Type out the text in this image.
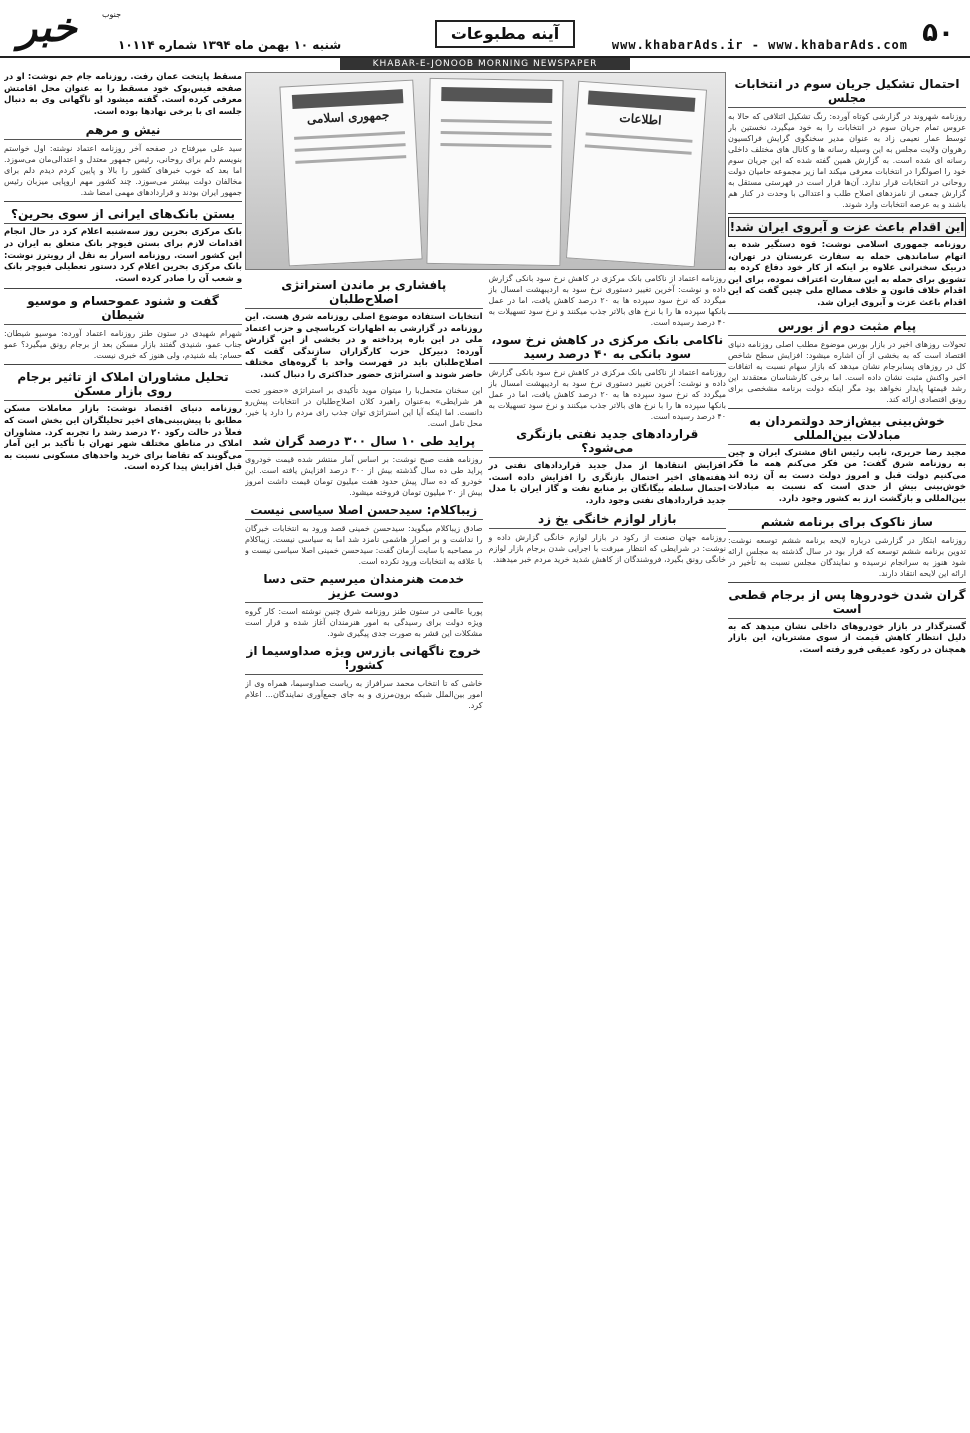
۵۰
www.khabarAds.ir - www.khabarAds.com
آینه مطبوعات
خبر	جنوب
شنبه ۱۰ بهمن ماه ۱۳۹۴ شماره ۱۰۱۱۴
KHABAR-E-JONOOB MORNING NEWSPAPER
احتمال تشکیل جریان سوم در انتخابات مجلس

روزنامه شهروند در گزارشی کوتاه آورده: رنگ تشکیل ائتلافی که حالا به عروس تمام جریان سوم در انتخابات را به خود میگیرد، نخستین بار توسط عمار نعیمی زاد به عنوان مدیر سخنگوی گرایش فراکسیون رهروان ولایت مجلس به این وسیله رسانه ها و کانال های مختلف داخلی رسانه ای شده است. به گزارش همین گفته شده که این جریان سوم خود را اصولگرا در انتخابات معرفی میکند اما زیر مجموعه حامیان دولت روحانی در انتخابات قرار ندارد. آن‌ها قرار است در فهرستی مستقل به گزارش جمعی از نامزدهای اصلاح طلب و اعتدالی با وحدت در کنار هم باشند و به عرصه انتخابات وارد شوند.

این اقدام باعث عزت و آبروی ایران شد!
روزنامه جمهوری اسلامی نوشت: قوه دستگیر شده به اتهام ساماندهی حمله به سفارت عربستان در تهران، دربیک سخنرانی علاوه بر اینکه از کار خود دفاع کرده به تشویق برای حمله به این سفارت اعتراف نموده، برای این اقدام خلاف قانون و خلاف مصالح ملی چنین گفت که این اقدام باعث عزت و آبروی ایران شد.
پیام مثبت دوم از بورس

تحولات روزهای اخیر در بازار بورس موضوع مطلب اصلی روزنامه دنیای اقتصاد است که به بخشی از آن اشاره میشود: افزایش سطح شاخص کل در روزهای پسابرجام نشان میدهد که بازار سهام نسبت به اتفاقات اخیر واکنش مثبت نشان داده است. اما برخی کارشناسان معتقدند این رشد قیمتها پایدار نخواهد بود مگر اینکه دولت برنامه مشخصی برای رونق اقتصادی ارائه کند.

خوش‌بینی بیش‌ازحد دولتمردان به مبادلات بین‌المللی
مجید رضا حریری، نایب رئیس اتاق مشترک ایران و چین به روزنامه شرق گفت: من فکر می‌کنم همه ما فکر می‌کنیم دولت قبل و امروز دولت دست به آن زده اند خوش‌بینی بیش از حدی است که نسبت به مبادلات بین‌المللی و بازگشت ارز به کشور وجود دارد.
ساز ناکوک برای برنامه ششم

روزنامه ابتکار در گزارشی درباره لایحه برنامه ششم توسعه نوشت: تدوین برنامه ششم توسعه که قرار بود در سال گذشته به مجلس ارائه شود هنوز به سرانجام نرسیده و نمایندگان مجلس نسبت به تأخیر در ارائه این لایحه انتقاد دارند.

گران شدن خودروها پس از برجام قطعی است
گسترگذار در بازار خودروهای داخلی نشان میدهد که به دلیل انتظار کاهش قیمت از سوی مشتریان، این بازار همچنان در رکود عمیقی فرو رفته است.
جمهوری اسلامی	اطلاعات

روزنامه اعتماد از ناکامی بانک مرکزی در کاهش نرخ سود بانکی گزارش داده و نوشت: آخرین تغییر دستوری نرخ سود به اردیبهشت امسال باز میگردد که نرخ سود سپرده ها به ۲۰ درصد کاهش یافت، اما در عمل بانکها سپرده ها را با نرخ های بالاتر جذب میکنند و نرخ سود تسهیلات به ۴۰ درصد رسیده است.

ناکامی بانک مرکزی در کاهش نرخ سود، سود بانکی به ۴۰ درصد رسید

روزنامه اعتماد از ناکامی بانک مرکزی در کاهش نرخ سود بانکی گزارش داده و نوشت: آخرین تغییر دستوری نرخ سود به اردیبهشت امسال باز میگردد که نرخ سود سپرده ها به ۲۰ درصد کاهش یافت، اما در عمل بانکها سپرده ها را با نرخ های بالاتر جذب میکنند و نرخ سود تسهیلات به ۴۰ درصد رسیده است.

قراردادهای جدید نفتی بازنگری می‌شود؟
افزایش انتقادها از مدل جدید قراردادهای نفتی در هفته‌های اخیر احتمال بازنگری را افزایش داده است. احتمال سلطه بیگانگان بر منابع نفت و گاز ایران با مدل جدید قراردادهای نفتی وجود دارد.
بازار لوازم خانگی یخ زد

روزنامه جهان صنعت از رکود در بازار لوازم خانگی گزارش داده و نوشت: در شرایطی که انتظار میرفت با اجرایی شدن برجام بازار لوازم خانگی رونق بگیرد، فروشندگان از کاهش شدید خرید مردم خبر میدهند.

پافشاری بر ماندن استراتژی اصلاح‌طلبان
انتخابات استفاده موضوع اصلی روزنامه شرق هست. این روزنامه در گزارشی به اظهارات کرباسچی و حزب اعتماد ملی در این باره پرداخته و در بخشی از این گزارش آورده: دبیرکل حزب کارگزاران سازندگی گفت که اصلاح‌طلبان باید در فهرست واحد با گروه‌های مختلف حاضر شوند و استراتژی حضور حداکثری را دنبال کنند.

این سخنان متحمل‌با را میتوان موید تأکیدی بر استراتژی «حضور تحت هر شرایطی» به‌عنوان راهبرد کلان اصلاح‌طلبان در انتخابات پیش‌رو دانست. اما اینکه آیا این استراتژی توان جذب رای مردم را دارد یا خیر، محل تامل است.

پراید طی ۱۰ سال ۳۰۰ درصد گران شد

روزنامه هفت صبح نوشت: بر اساس آمار منتشر شده قیمت خودروی پراید طی ده سال گذشته بیش از ۳۰۰ درصد افزایش یافته است. این خودرو که ده سال پیش حدود هفت میلیون تومان قیمت داشت امروز بیش از ۲۰ میلیون تومان فروخته میشود.

زیباکلام: سیدحسن اصلا سیاسی نیست

صادق زیباکلام میگوید: سیدحسن خمینی قصد ورود به انتخابات خبرگان را نداشت و بر اصرار هاشمی نامزد شد اما به سیاسی نیست. زیباکلام در مصاحبه با سایت آرمان گفت: سیدحسن خمینی اصلا سیاسی نیست و با علاقه به انتخابات ورود نکرده است.

خدمت هنرمندان میرسیم حتی دسا دوست عزیز

پوریا عالمی در ستون طنز روزنامه شرق چنین نوشته است: کار گروه ویژه دولت برای رسیدگی به امور هنرمندان آغاز شده و قرار است مشکلات این قشر به صورت جدی پیگیری شود.

خروج ناگهانی بازرس ویژه صداوسیما از کشور!

خاشی که تا انتخاب محمد سرافراز به ریاست صداوسیما، همراه وی از امور بین‌الملل شبکه برون‌مرزی و به جای جمع‌آوری نمایندگان... اعلام کرد.

مسقط پایتخت عمان رفت. روزنامه جام جم نوشت: او در صفحه فیس‌بوک خود مسقط را به عنوان محل اقامتش معرفی کرده است. گفته میشود او ناگهانی وی به دنبال جلسه ای با برخی نهادها بوده است.
نیش و مرهم

سید علی میرفتاح در صفحه آخر روزنامه اعتماد نوشته: اول خواستم بنویسم دلم برای روحانی، رئیس جمهور معتدل و اعتدالی‌مان می‌سوزد. اما بعد که خوب خبرهای کشور را بالا و پایین کردم دیدم دلم برای مخالفان دولت بیشتر می‌سوزد. چند کشور مهم اروپایی میزبان رئیس جمهور ایران بودند و قراردادهای مهمی امضا شد.

بستن بانک‌های ایرانی از سوی بحرین؟
بانک مرکزی بحرین روز سه‌شنبه اعلام کرد در حال انجام اقدامات لازم برای بستن فیوچر بانک متعلق به ایران در این کشور است. روزنامه اسرار به نقل از رویترز نوشت: بانک مرکزی بحرین اعلام کرد دستور تعطیلی فیوچر بانک و شعب آن را صادر کرده است.
گفت و شنود عموحسام و موسیو شیطان

شهرام شهیدی در ستون طنز روزنامه اعتماد آورده: موسیو شیطان: جناب عمو، شنیدی گفتند بازار مسکن بعد از برجام رونق میگیرد؟ عمو حسام: بله شنیدم، ولی هنوز که خبری نیست.

تحلیل مشاوران املاک از تاثیر برجام روی بازار مسکن
روزنامه دنیای اقتصاد نوشت: بازار معاملات مسکن مطابق با پیش‌بینی‌های اخیر تحلیلگران این بخش است که فعلاً در حالت رکود ۲۰ درصد رشد را تجربه کرد. مشاوران املاک در مناطق مختلف شهر تهران با تأکید بر این آمار می‌گویند که تقاضا برای خرید واحدهای مسکونی نسبت به قبل افزایش پیدا کرده است.
